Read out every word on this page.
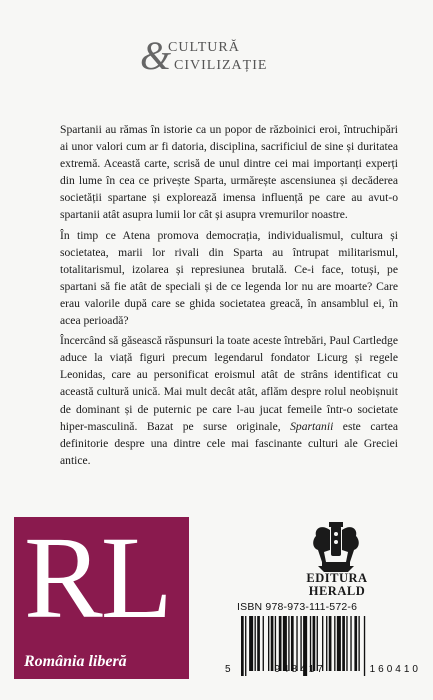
&
CULTURĂ
CIVILIZAȚIE

Spartanii au rămas în istorie ca un popor de războinici eroi, întruchipări ai unor valori cum ar fi datoria, disciplina, sacrificiul de sine și duritatea extremă. Această carte, scrisă de unul dintre cei mai importanți experți din lume în cea ce privește Sparta, urmărește ascensiunea și decăderea societății spartane și explorează imensa influență pe care au avut-o spartanii atât asupra lumii lor cât și asupra vremurilor noastre.

În timp ce Atena promova democrația, individualismul, cultura și societatea, marii lor rivali din Sparta au întrupat militarismul, totalitarismul, izolarea și represiunea brutală. Ce-i face, totuși, pe spartani să fie atât de speciali și de ce legenda lor nu are moarte? Care erau valorile după care se ghida societatea greacă, în ansamblul ei, în acea perioadă?

Încercând să găsească răspunsuri la toate aceste întrebări, Paul Cartledge aduce la viață figuri precum legendarul fondator Licurg și regele Leonidas, care au personificat eroismul atât de strâns identificat cu această cultură unică. Mai mult decât atât, aflăm despre rolul neobișnuit de dominant și de puternic pe care l-au jucat femeile într-o societate hiper-masculină. Bazat pe surse originale, Spartanii este cartea definitorie despre una dintre cele mai fascinante culturi ale Greciei antice.

RL
România liberă
EDITURA
HERALD
ISBN 978-973-111-572-6
5	948417	160410
